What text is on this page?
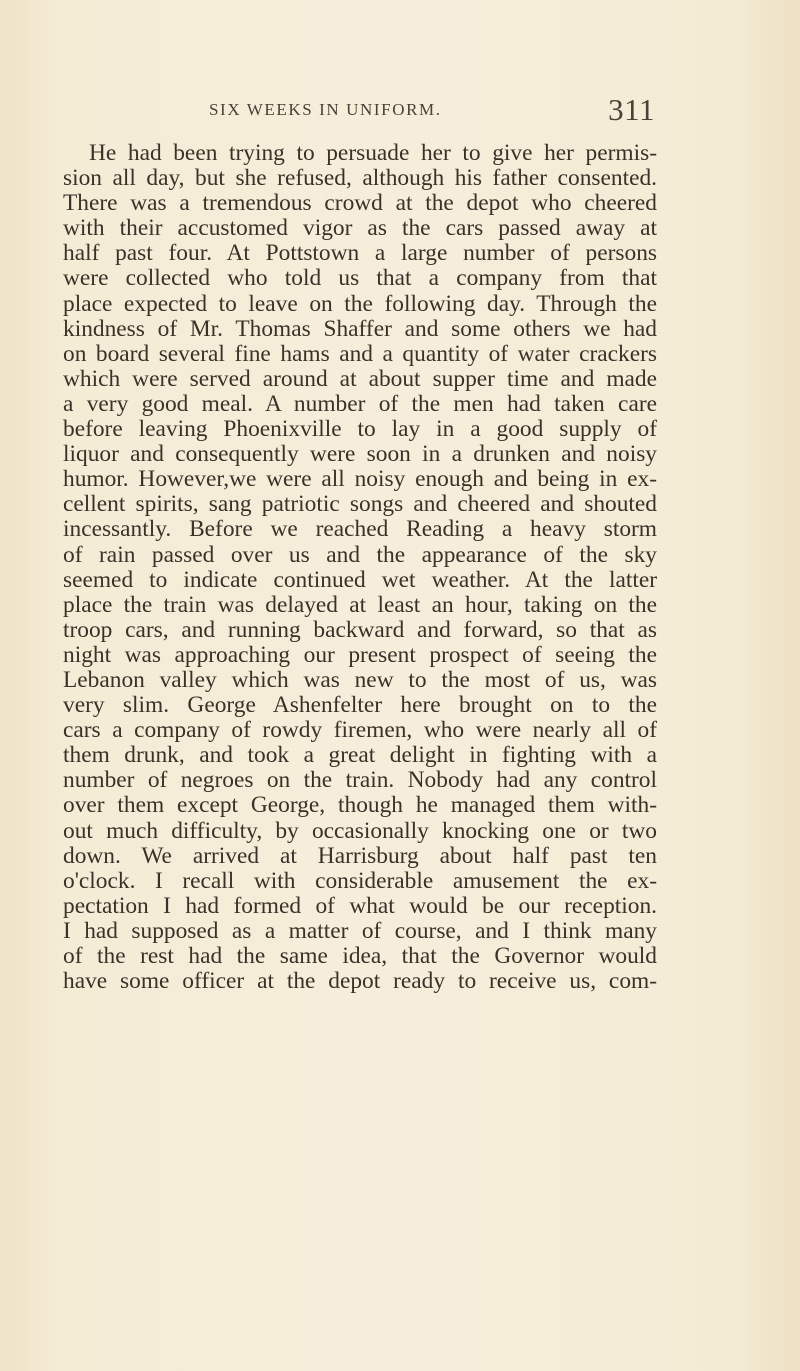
SIX WEEKS IN UNIFORM.	311
He had been trying to persuade her to give her permis-
sion all day, but she refused, although his father consented.
There was a tremendous crowd at the depot who cheered
with their accustomed vigor as the cars passed away at
half past four. At Pottstown a large number of persons
were collected who told us that a company from that
place expected to leave on the following day. Through the
kindness of Mr. Thomas Shaffer and some others we had
on board several fine hams and a quantity of water crackers
which were served around at about supper time and made
a very good meal. A number of the men had taken care
before leaving Phoenixville to lay in a good supply of
liquor and consequently were soon in a drunken and noisy
humor. However,we were all noisy enough and being in ex-
cellent spirits, sang patriotic songs and cheered and shouted
incessantly. Before we reached Reading a heavy storm
of rain passed over us and the appearance of the sky
seemed to indicate continued wet weather. At the latter
place the train was delayed at least an hour, taking on the
troop cars, and running backward and forward, so that as
night was approaching our present prospect of seeing the
Lebanon valley which was new to the most of us, was
very slim. George Ashenfelter here brought on to the
cars a company of rowdy firemen, who were nearly all of
them drunk, and took a great delight in fighting with a
number of negroes on the train. Nobody had any control
over them except George, though he managed them with-
out much difficulty, by occasionally knocking one or two
down. We arrived at Harrisburg about half past ten
o'clock. I recall with considerable amusement the ex-
pectation I had formed of what would be our reception.
I had supposed as a matter of course, and I think many
of the rest had the same idea, that the Governor would
have some officer at the depot ready to receive us, com-
